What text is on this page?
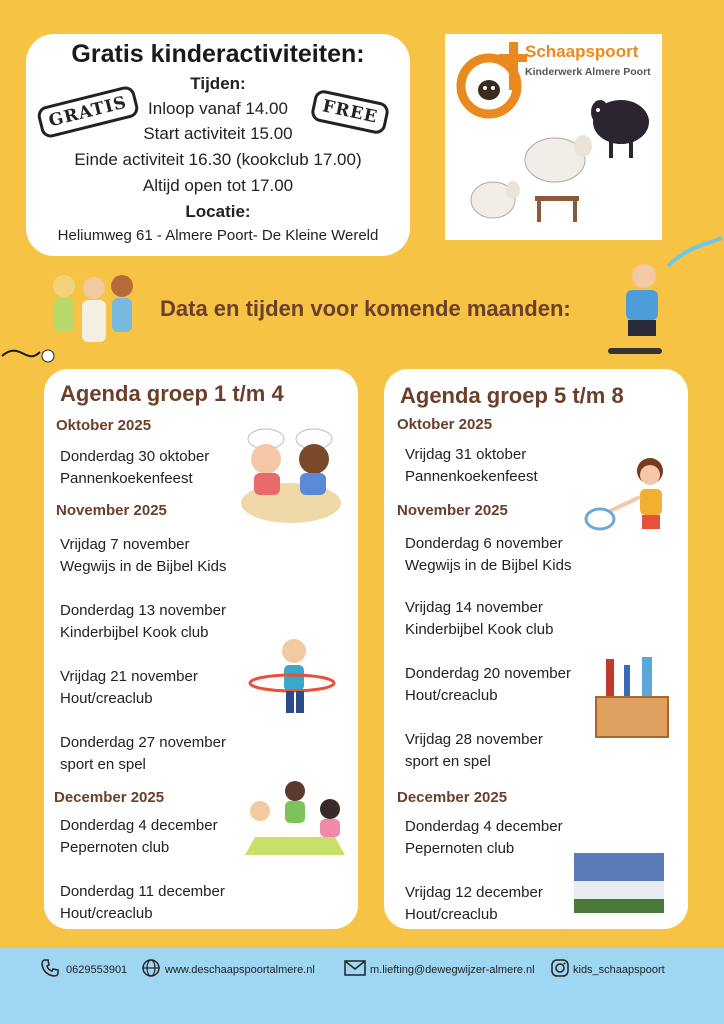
Gratis kinderactiviteiten:
Tijden:
Inloop vanaf 14.00
Start activiteit 15.00
Einde activiteit 16.30 (kookclub 17.00)
Altijd open tot 17.00
Locatie:
Heliumweg 61 - Almere Poort- De Kleine Wereld
GRATIS	FREE
Schaapspoort
Kinderwerk Almere Poort
Data en tijden voor komende maanden:
Agenda groep 1 t/m 4
Oktober 2025
Donderdag 30 oktober
Pannenkoekenfeest
November 2025
Vrijdag 7 november
Wegwijs in de Bijbel Kids
Donderdag 13 november
Kinderbijbel Kook club
Vrijdag 21 november
Hout/creaclub
Donderdag 27 november
sport en spel
December 2025
Donderdag 4 december
Pepernoten club
Donderdag 11 december
Hout/creaclub
Agenda groep 5 t/m 8
Oktober 2025
Vrijdag 31 oktober
Pannenkoekenfeest
November 2025
Donderdag 6 november
Wegwijs in de Bijbel Kids
Vrijdag 14 november
Kinderbijbel Kook club
Donderdag 20 november
Hout/creaclub
Vrijdag 28 november
sport en spel
December 2025
Donderdag 4 december
Pepernoten club
Vrijdag 12 december
Hout/creaclub
0629553901	www.deschaapspoortalmere.nl	m.liefting@dewegwijzer-almere.nl	kids_schaapspoort
